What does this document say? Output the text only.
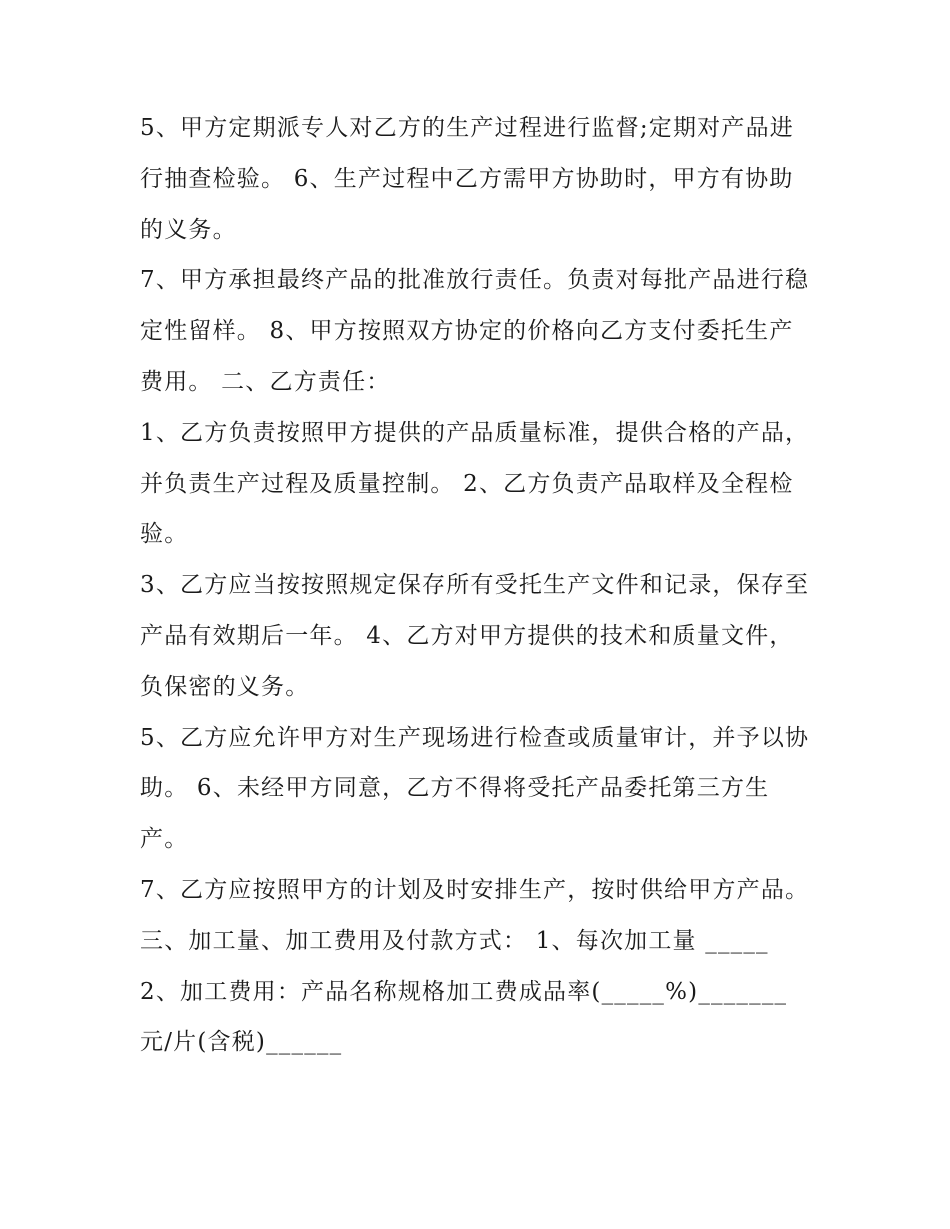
5、甲方定期派专人对乙方的生产过程进行监督;定期对产品进行抽查检验。 6、生产过程中乙方需甲方协助时，甲方有协助的义务。

7、甲方承担最终产品的批准放行责任。负责对每批产品进行稳定性留样。 8、甲方按照双方协定的价格向乙方支付委托生产费用。 二、乙方责任：

1、乙方负责按照甲方提供的产品质量标准，提供合格的产品，并负责生产过程及质量控制。 2、乙方负责产品取样及全程检验。

3、乙方应当按按照规定保存所有受托生产文件和记录，保存至产品有效期后一年。 4、乙方对甲方提供的技术和质量文件，负保密的义务。

5、乙方应允许甲方对生产现场进行检查或质量审计，并予以协助。 6、未经甲方同意，乙方不得将受托产品委托第三方生产。

7、乙方应按照甲方的计划及时安排生产，按时供给甲方产品。 三、加工量、加工费用及付款方式： 1、每次加工量 _____

2、加工费用：产品名称规格加工费成品率(_____%)_______ 元/片(含税)______
